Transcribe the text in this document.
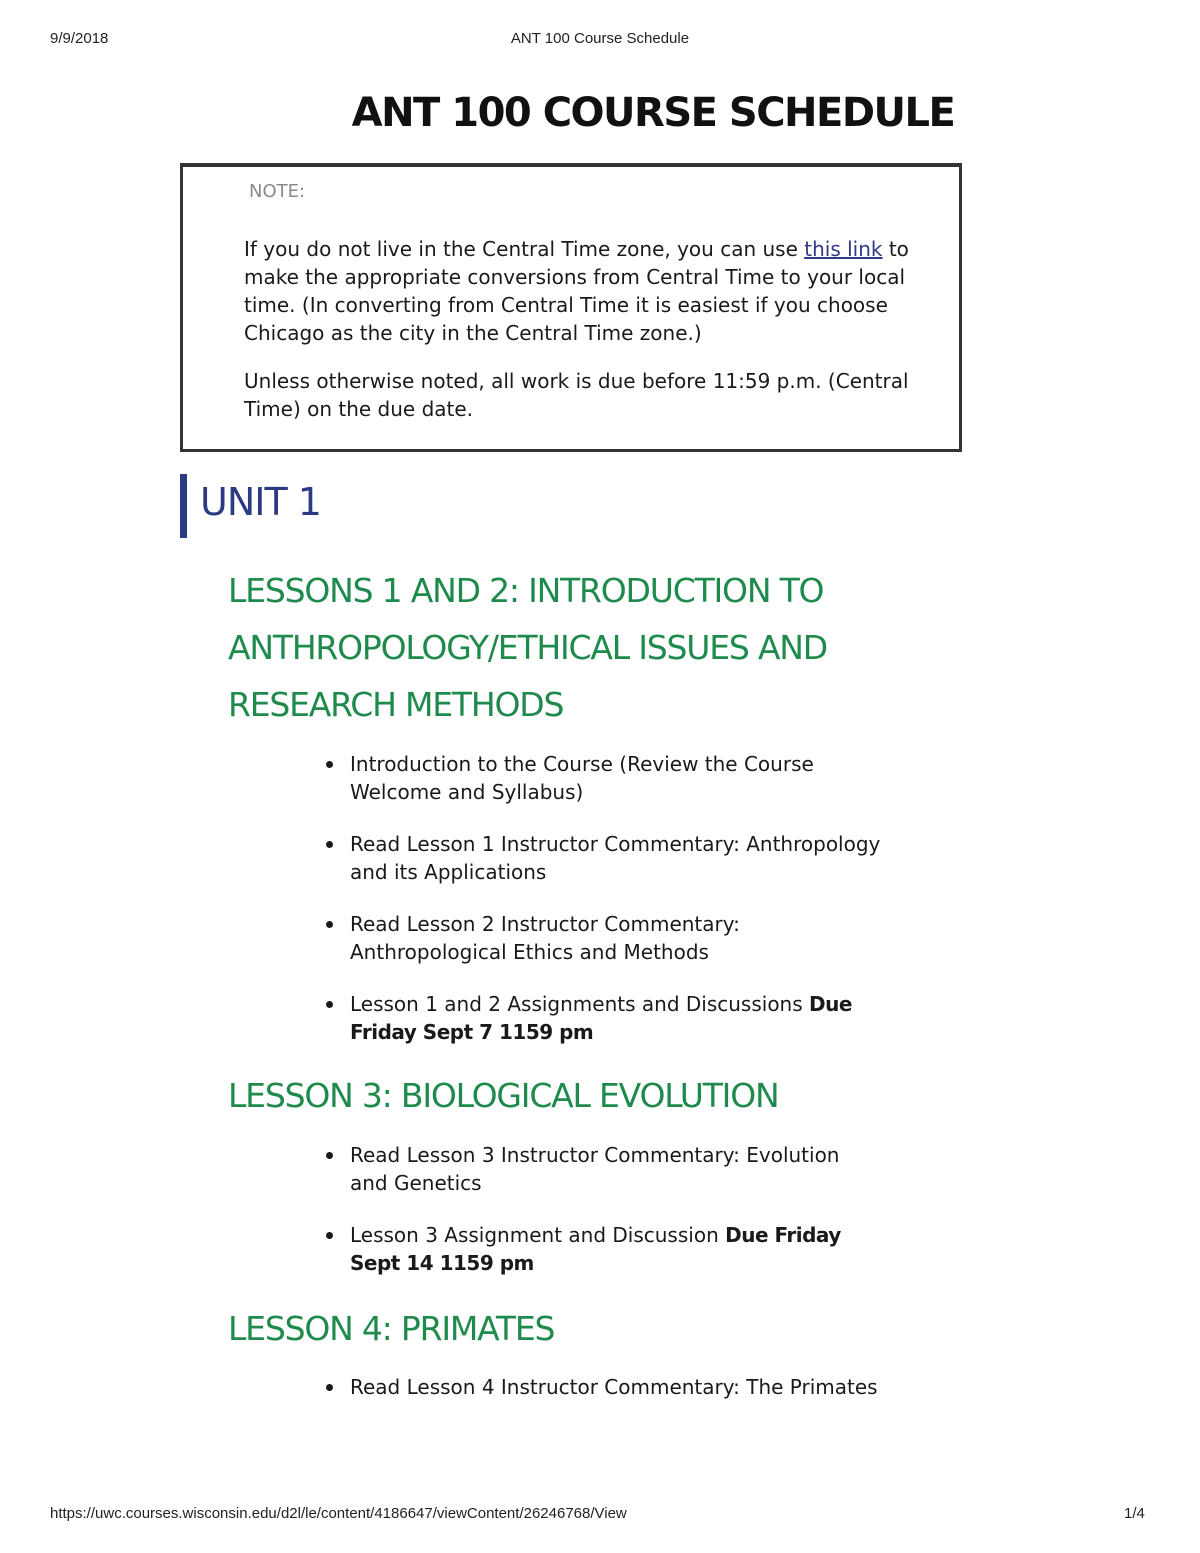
9/9/2018	ANT 100 Course Schedule
ANT 100 COURSE SCHEDULE
NOTE:

If you do not live in the Central Time zone, you can use this link to make the appropriate conversions from Central Time to your local time. (In converting from Central Time it is easiest if you choose Chicago as the city in the Central Time zone.)

Unless otherwise noted, all work is due before 11:59 p.m. (Central Time) on the due date.

UNIT 1
LESSONS 1 AND 2: INTRODUCTION TO ANTHROPOLOGY/ETHICAL ISSUES AND RESEARCH METHODS
Introduction to the Course (Review the Course Welcome and Syllabus)
Read Lesson 1 Instructor Commentary: Anthropology and its Applications
Read Lesson 2 Instructor Commentary: Anthropological Ethics and Methods
Lesson 1 and 2 Assignments and Discussions Due Friday Sept 7 1159 pm
LESSON 3: BIOLOGICAL EVOLUTION
Read Lesson 3 Instructor Commentary: Evolution and Genetics
Lesson 3 Assignment and Discussion Due Friday Sept 14 1159 pm
LESSON 4: PRIMATES
Read Lesson 4 Instructor Commentary: The Primates
https://uwc.courses.wisconsin.edu/d2l/le/content/4186647/viewContent/26246768/View	1/4
